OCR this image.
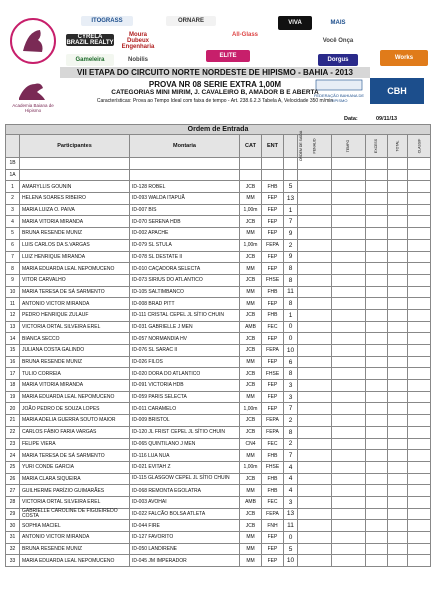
ITOGRASS	ORNARE	VIVA	MAIS
CYRELA BRAZIL REALTY
All-Glass
Você Onça
Moura Dubeux Engenharia
ELITE
Gameleira	Works
Dorgus
Nobilis
Academia Baiana de Hipismo
FEDERAÇÃO BAHIANA DE HIPISMO
CBH
VII ETAPA DO CIRCUITO NORTE NORDESTE DE HIPISMO - BAHIA - 2013
PROVA NR 08 SERIE EXTRA 1,00M
CATEGORIAS MINI MIRIM, J. CAVALEIRO B, AMADOR B E ABERTA
Características: Prova ao Tempo Ideal com faixa de tempo - Art. 238.6.2.3 Tabela A, Velocidade 350 m/min
Data:	09/11/13
Ordem de Entrada										
	Participantes	Montaria	CAT	ENT	ORDEM DE SAÍDA	PENALID	TEMPO	EXCESS	TOTAL	CLASSIF
1B										
1A										
1	AMARYLLIS GOUNIN	ID-128 ROBEL	JCB	FHB	5					
2	HELENA SOARES RIBEIRO	ID-093 WALDA ITAPUÃ	MM	FEP	13					
3	MARIA LUIZA O. PAIVA	ID-007 BIS	1,00m	FEP	1					
4	MARIA VITORIA MIRANDA	ID-070 SERENA HDB	JCB	FEP	7					
5	BRUNA RESENDE MUNIZ	ID-002 APACHE	MM	FEP	9					
6	LUIS CARLOS DA S.VARGAS	ID-079 SL STULA	1,00m	FEPA	2					
7	LUIZ HENRIQUE MIRANDA	ID-078 SL DESTATE II	JCB	FEP	9					
8	MARIA EDUARDA LEAL NEPOMUCENO	ID-010 CAÇADORA SELECTA	MM	FEP	8					
9	VITOR CARVALHO	ID-073 SIRIUS DO ATLANTICO	JCB	FHSE	8					
10	MARIA TERESA DE SÁ SARMENTO	ID-105 SALTIMBANCO	MM	FHB	11					
11	ANTONIO VICTOR MIRANDA	ID-008 BRAD PITT	MM	FEP	8					
12	PEDRO HENRIQUE ZULAUF	ID-111 CRISTAL CEPEL JL SÍTIO CHUIN	JCB	FHB	1					
13	VICTORIA ORTAL SILVEIRA EREL	ID-031 GABRIELLE J MEN	AMB	FEC	0					
14	BIANCA SECCO	ID-057 NORMANDIA HV	JCB	FEP	0					
15	JULIANA COSTA GALINDO	ID-076 SL SARAC II	JCB	FEPA	10					
16	BRUNA RESENDE MUNIZ	ID-026 FILOS	MM	FEP	6					
17	TULIO CORREIA	ID-020 DORA DO ATLANTICO	JCB	FHSE	8					
18	MARIA VITORIA MIRANDA	ID-091 VICTORIA HDB	JCB	FEP	3					
19	MARIA EDUARDA LEAL NEPOMUCENO	ID-059 PARIS SELECTA	MM	FEP	3					
20	JOÃO PEDRO DE SOUZA LOPES	ID-011 CARAMELO	1,00m	FEP	7					
21	MARIA ADELIA GUERRA SOUTO MAIOR	ID-009 BRISTOL	JCB	FEPA	2					
22	CARLOS FÁBIO FARIA VARGAS	ID-120 JL FRIST CEPEL JL SÍTIO CHUIN	JCB	FEPA	8					
23	FELIPE VIERA	ID-065 QUINTILANO J MEN	CN4	FEC	2					
24	MARIA TERESA DE SÁ SARMENTO	ID-116 LUA NUA	MM	FHB	7					
25	YURI CONDE GARCIA	ID-021 EVITAH Z	1,00m	FHSE	4					
26	MARIA CLARA SIQUEIRA	ID-115 GLASGOW CEPEL JL SÍTIO CHUIN	JCB	FHB	4					
27	GUILHERME PARÍZIO GUIMARÃES	ID-068 REMONTA EGOLATRA	MM	FHB	4					
28	VICTORIA ORTAL SILVEIRA EREL	ID-003 AVOHAI	AMB	FEC	3					
29	GABRIELLE CAROLINE DE FIGUEIREDO COSTA	ID-022 FALCÃO BOLSA ATLETA	JCB	FEPA	13					
30	SOPHIA MACIEL	ID-044 FIRE	JCB	FNH	11					
31	ANTONIO VICTOR MIRANDA	ID-127 FAVORITO	MM	FEP	0					
32	BRUNA RESENDE MUNIZ	ID-050 LANDIRENE	MM	FEP	5					
33	MARIA EDUARDA LEAL NEPOMUCENO	ID-045 JM IMPERADOR	MM	FEP	10					
